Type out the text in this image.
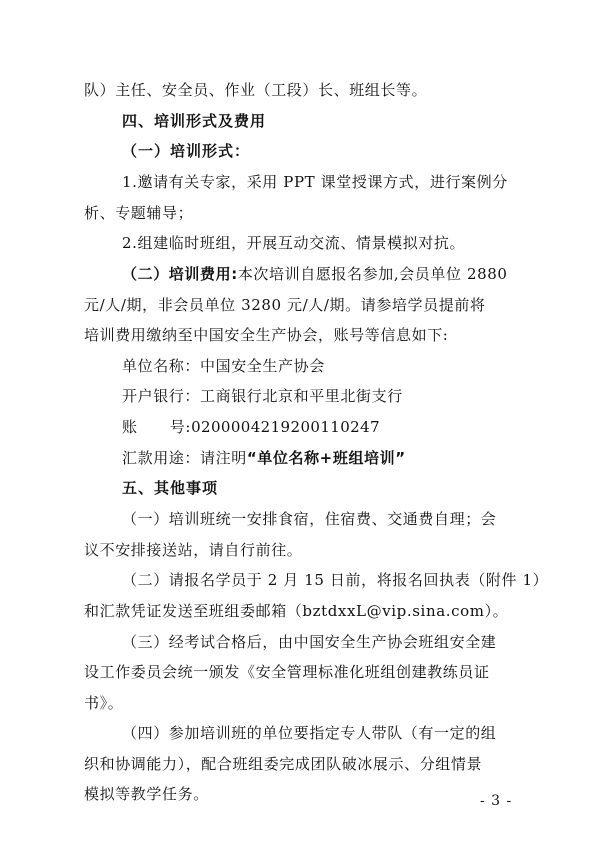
队）主任、安全员、作业（工段）长、班组长等。
四、培训形式及费用
（一）培训形式：
1.邀请有关专家，采用 PPT 课堂授课方式，进行案例分
析、专题辅导；
2.组建临时班组，开展互动交流、情景模拟对抗。
（二）培训费用:本次培训自愿报名参加,会员单位 2880
元/人/期，非会员单位 3280 元/人/期。请参培学员提前将
培训费用缴纳至中国安全生产协会，账号等信息如下:
单位名称：中国安全生产协会
开户银行：工商银行北京和平里北街支行
账      号:0200004219200110247
汇款用途：请注明“单位名称+班组培训”
五、其他事项
（一）培训班统一安排食宿，住宿费、交通费自理；会
议不安排接送站，请自行前往。
（二）请报名学员于 2 月 15 日前，将报名回执表（附件 1）
和汇款凭证发送至班组委邮箱（bztdxxL@vip.sina.com）。
（三）经考试合格后，由中国安全生产协会班组安全建
设工作委员会统一颁发《安全管理标准化班组创建教练员证
书》。
（四）参加培训班的单位要指定专人带队（有一定的组
织和协调能力），配合班组委完成团队破冰展示、分组情景
模拟等教学任务。	- 3 -
